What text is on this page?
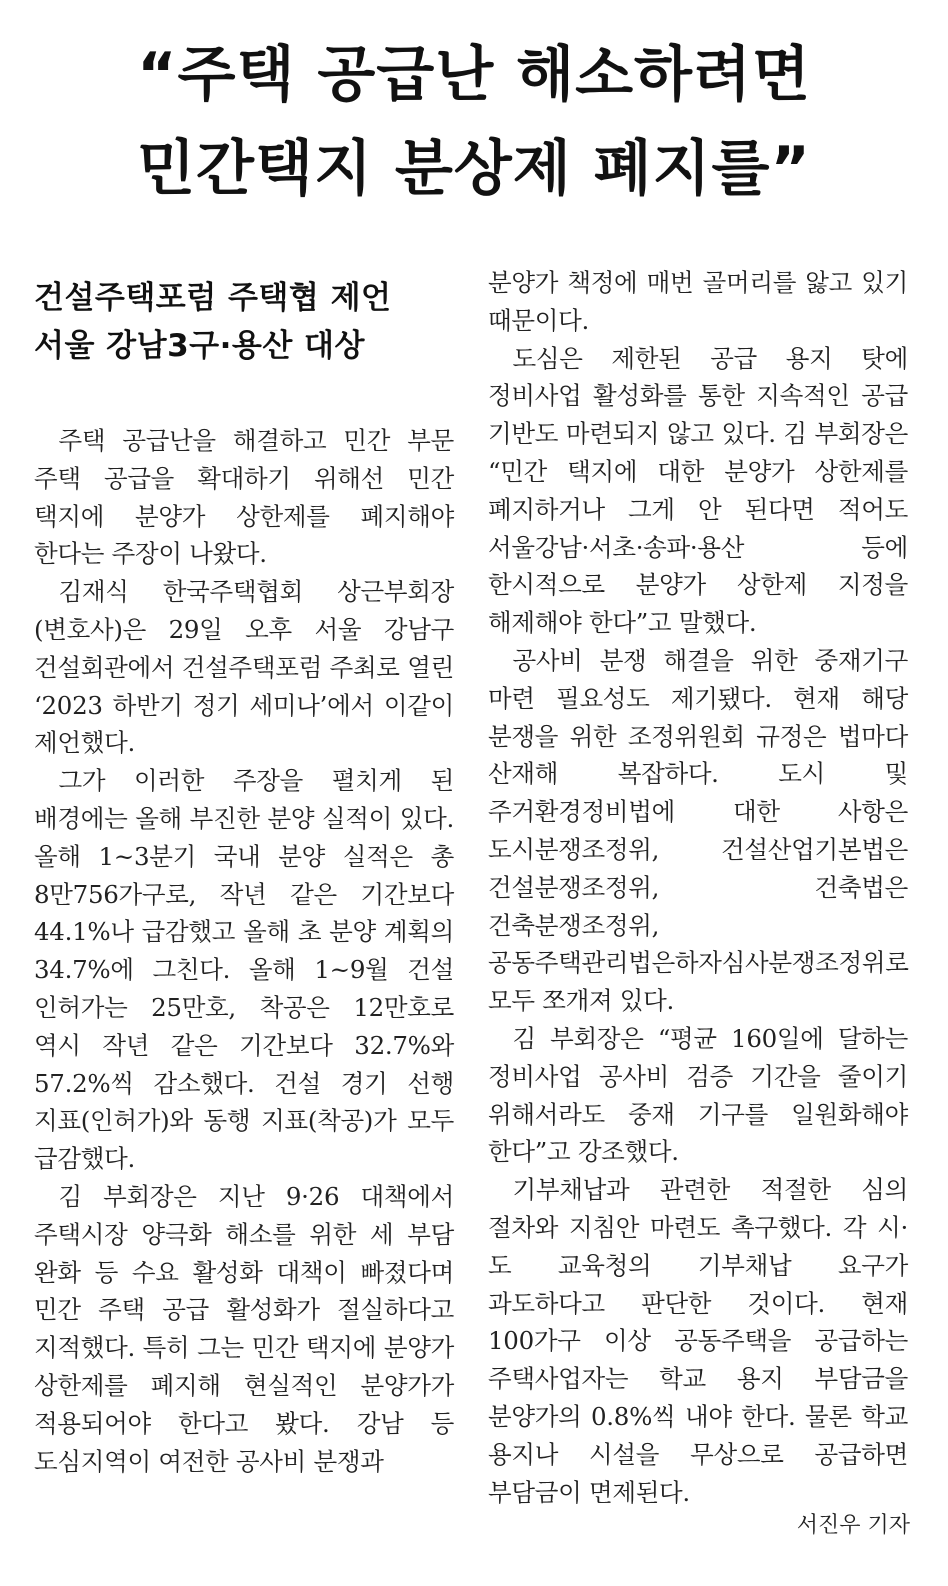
“주택 공급난 해소하려면
민간택지 분상제 폐지를”
건설주택포럼 주택협 제언
서울 강남3구·용산 대상

주택 공급난을 해결하고 민간 부문 주택 공급을 확대하기 위해선 민간 택지에 분양가 상한제를 폐지해야 한다는 주장이 나왔다.

김재식 한국주택협회 상근부회장(변호사)은 29일 오후 서울 강남구 건설회관에서 건설주택포럼 주최로 열린 ‘2023 하반기 정기 세미나’에서 이같이 제언했다.

그가 이러한 주장을 펼치게 된 배경에는 올해 부진한 분양 실적이 있다. 올해 1~3분기 국내 분양 실적은 총 8만756가구로, 작년 같은 기간보다 44.1%나 급감했고 올해 초 분양 계획의 34.7%에 그친다. 올해 1~9월 건설 인허가는 25만호, 착공은 12만호로 역시 작년 같은 기간보다 32.7%와 57.2%씩 감소했다. 건설 경기 선행 지표(인허가)와 동행 지표(착공)가 모두 급감했다.

김 부회장은 지난 9·26 대책에서 주택시장 양극화 해소를 위한 세 부담 완화 등 수요 활성화 대책이 빠졌다며 민간 주택 공급 활성화가 절실하다고 지적했다. 특히 그는 민간 택지에 분양가 상한제를 폐지해 현실적인 분양가가 적용되어야 한다고 봤다. 강남 등 도심지역이 여전한 공사비 분쟁과

분양가 책정에 매번 골머리를 앓고 있기 때문이다.

도심은 제한된 공급 용지 탓에 정비사업 활성화를 통한 지속적인 공급 기반도 마련되지 않고 있다. 김 부회장은 “민간 택지에 대한 분양가 상한제를 폐지하거나 그게 안 된다면 적어도 서울강남·서초·송파·용산 등에 한시적으로 분양가 상한제 지정을 해제해야 한다”고 말했다.

공사비 분쟁 해결을 위한 중재기구 마련 필요성도 제기됐다. 현재 해당 분쟁을 위한 조정위원회 규정은 법마다 산재해 복잡하다. 도시 및 주거환경정비법에 대한 사항은 도시분쟁조정위, 건설산업기본법은 건설분쟁조정위, 건축법은 건축분쟁조정위, 공동주택관리법은하자심사분쟁조정위로 모두 쪼개져 있다.

김 부회장은 “평균 160일에 달하는 정비사업 공사비 검증 기간을 줄이기 위해서라도 중재 기구를 일원화해야 한다”고 강조했다.

기부채납과 관련한 적절한 심의 절차와 지침안 마련도 촉구했다. 각 시·도 교육청의 기부채납 요구가 과도하다고 판단한 것이다. 현재 100가구 이상 공동주택을 공급하는 주택사업자는 학교 용지 부담금을 분양가의 0.8%씩 내야 한다. 물론 학교 용지나 시설을 무상으로 공급하면 부담금이 면제된다.

서진우 기자
